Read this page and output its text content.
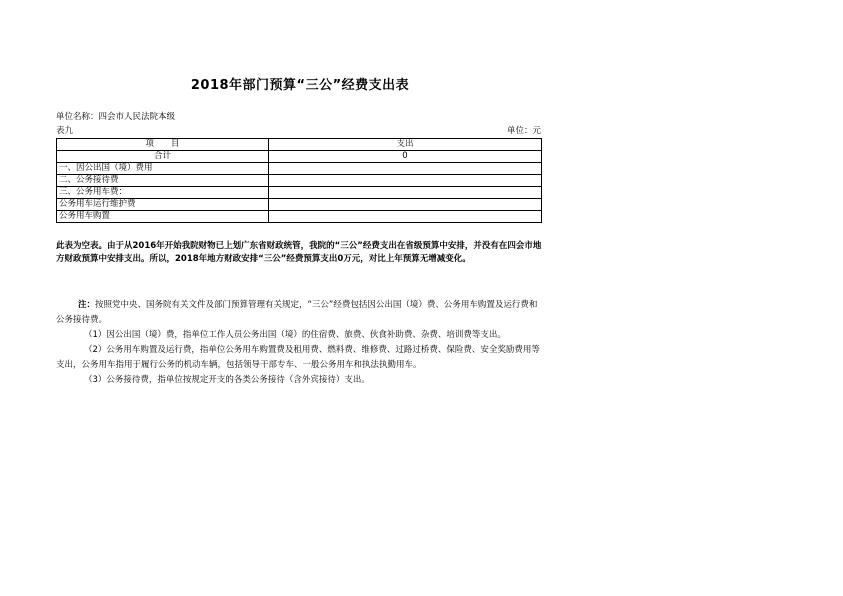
2018年部门预算“三公”经费支出表
单位名称：四会市人民法院本级
表九	单位：元
项　　目	支出
合计	0
一、因公出国（境）费用	
二、公务接待费	
三、公务用车费：	
公务用车运行维护费	
公务用车购置	
此表为空表。由于从2016年开始我院财物已上划广东省财政统管，我院的“三公”经费支出在省级预算中安排，并没有在四会市地方财政预算中安排支出。所以，2018年地方财政安排“三公”经费预算支出0万元，对比上年预算无增减变化。

注：按照党中央、国务院有关文件及部门预算管理有关规定，“三公”经费包括因公出国（境）费、公务用车购置及运行费和公务接待费。

（1）因公出国（境）费，指单位工作人员公务出国（境）的住宿费、旅费、伙食补助费、杂费、培训费等支出。

（2）公务用车购置及运行费，指单位公务用车购置费及租用费、燃料费、维修费、过路过桥费、保险费、安全奖励费用等支出，公务用车指用于履行公务的机动车辆，包括领导干部专车、一般公务用车和执法执勤用车。

（3）公务接待费，指单位按规定开支的各类公务接待（含外宾接待）支出。
